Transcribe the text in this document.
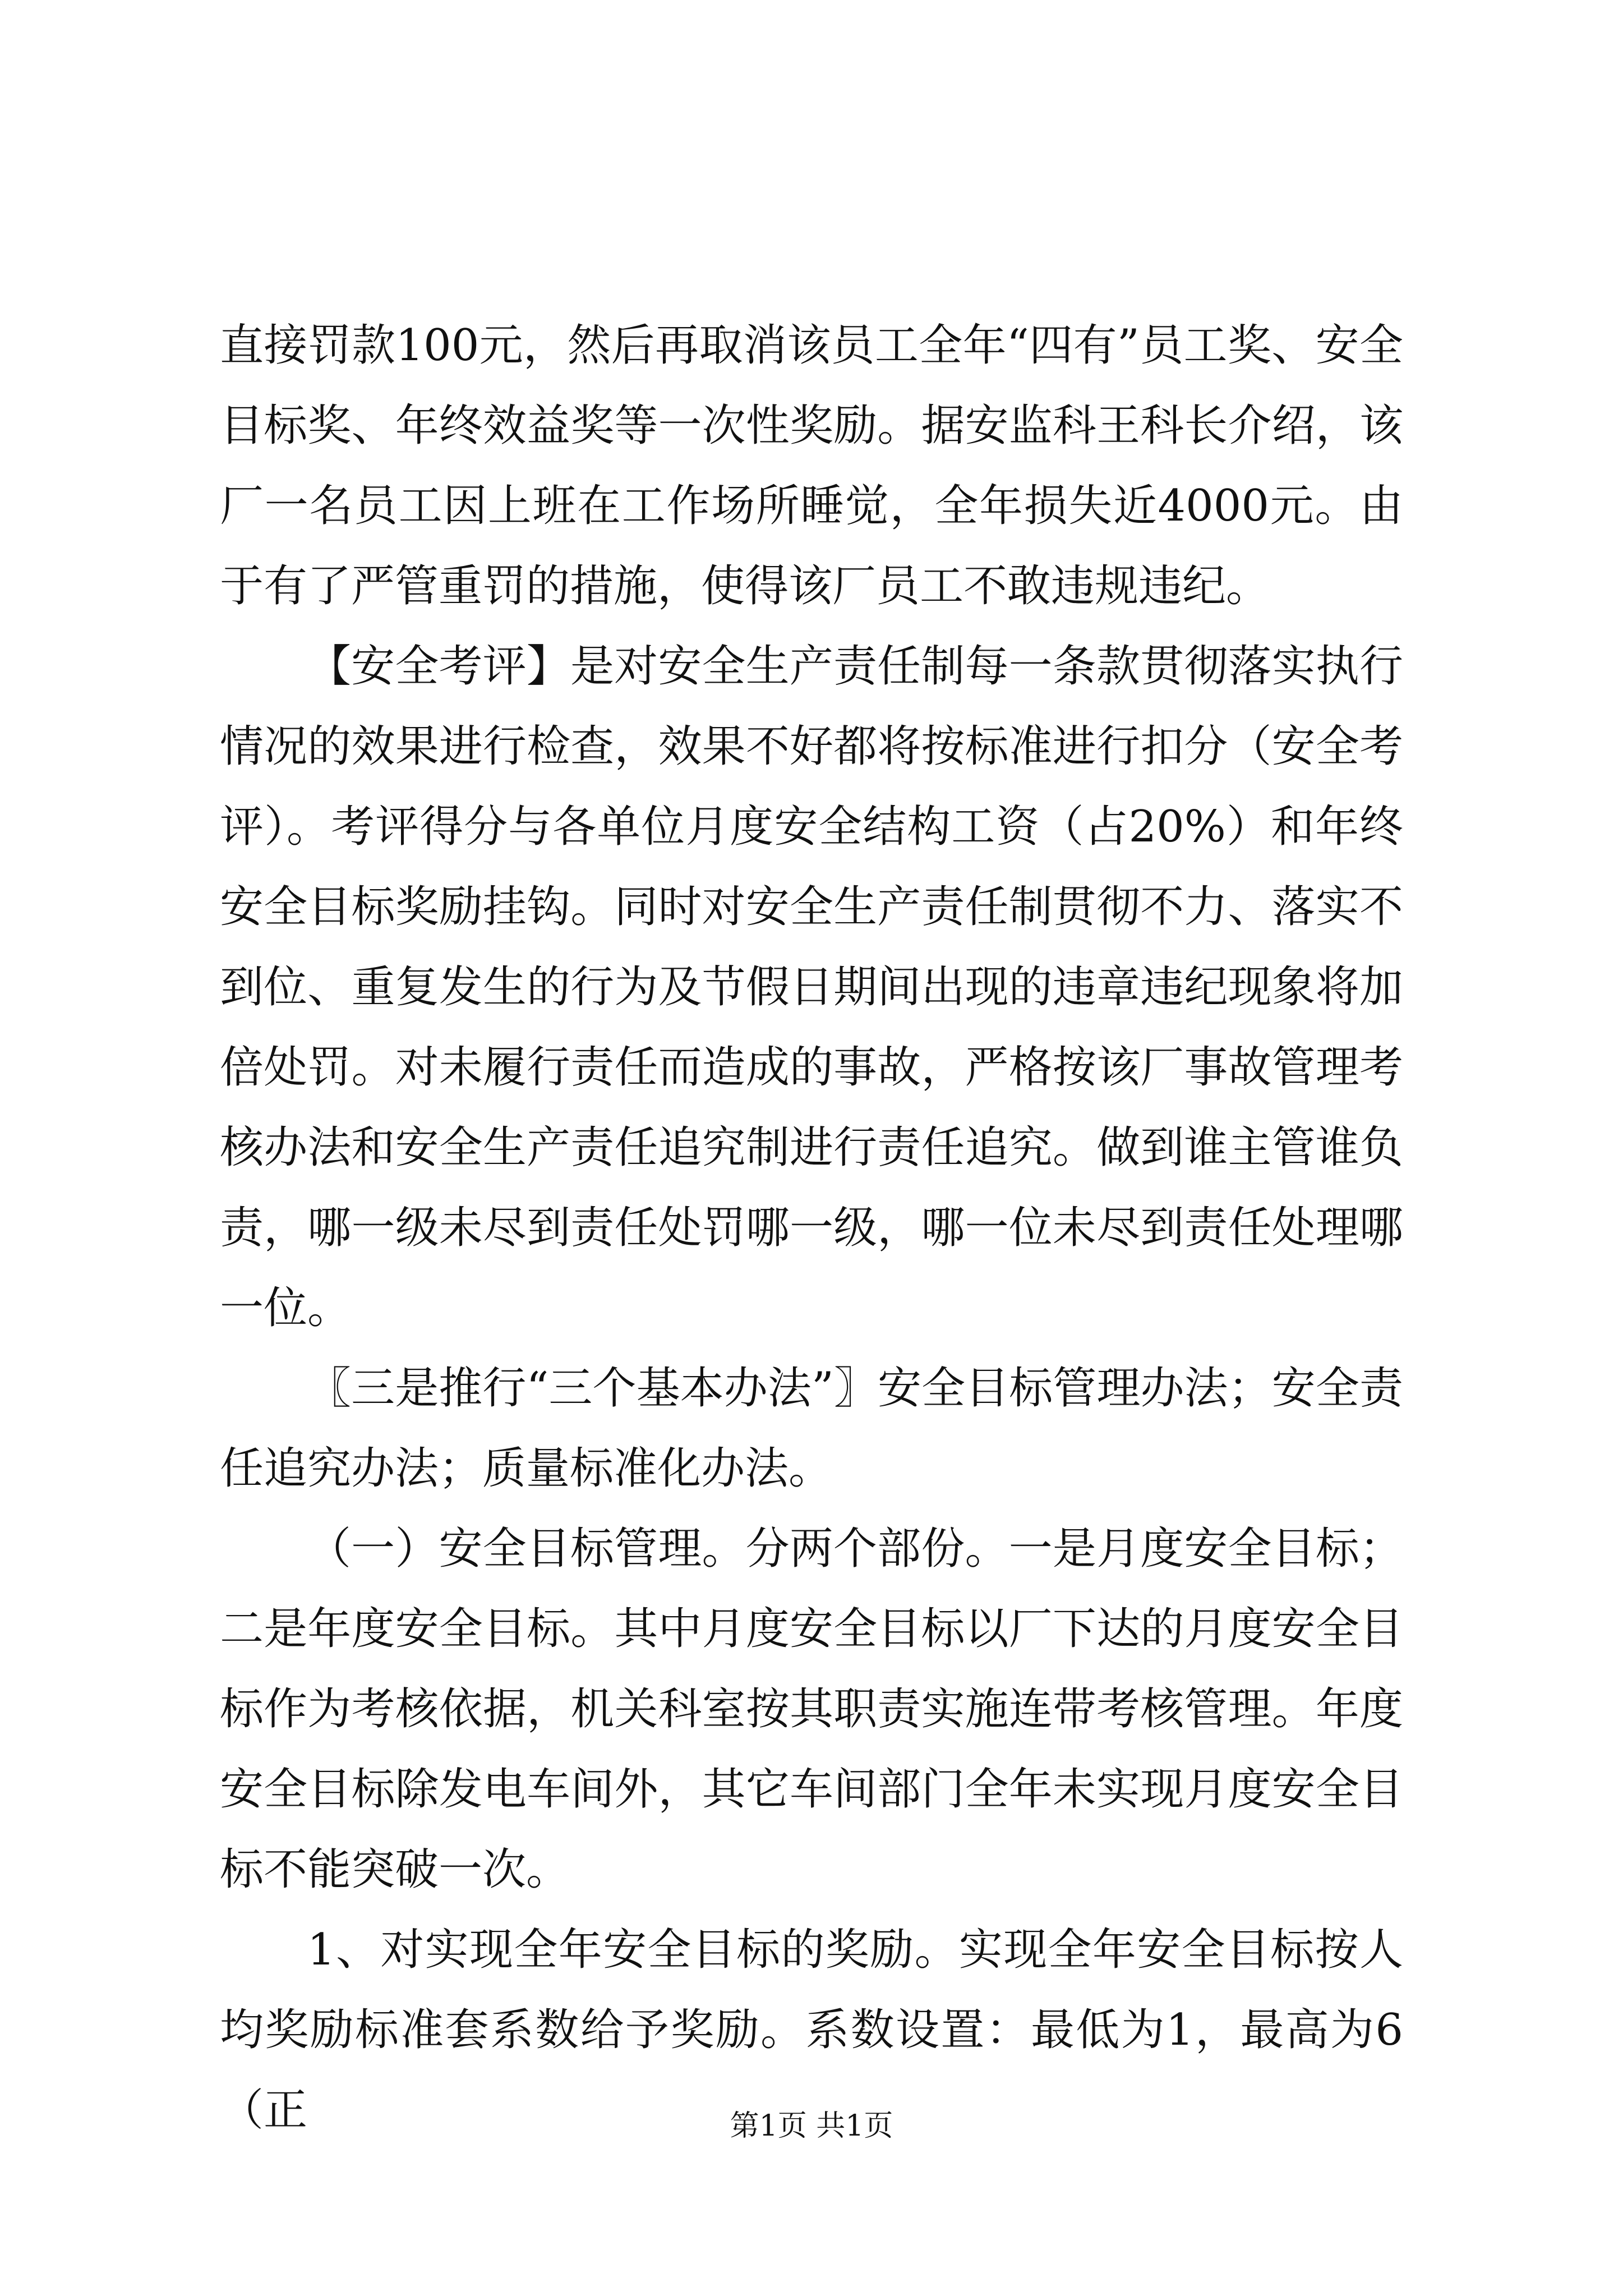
直接罚款100元，然后再取消该员工全年“四有”员工奖、安全目标奖、年终效益奖等一次性奖励。据安监科王科长介绍，该厂一名员工因上班在工作场所睡觉，全年损失近4000元。由于有了严管重罚的措施，使得该厂员工不敢违规违纪。

【安全考评】是对安全生产责任制每一条款贯彻落实执行情况的效果进行检查，效果不好都将按标准进行扣分（安全考评）。考评得分与各单位月度安全结构工资（占20%）和年终安全目标奖励挂钩。同时对安全生产责任制贯彻不力、落实不到位、重复发生的行为及节假日期间出现的违章违纪现象将加倍处罚。对未履行责任而造成的事故，严格按该厂事故管理考核办法和安全生产责任追究制进行责任追究。做到谁主管谁负责，哪一级未尽到责任处罚哪一级，哪一位未尽到责任处理哪一位。

〖三是推行“三个基本办法”〗安全目标管理办法；安全责任追究办法；质量标准化办法。

（一）安全目标管理。分两个部份。一是月度安全目标；二是年度安全目标。其中月度安全目标以厂下达的月度安全目标作为考核依据，机关科室按其职责实施连带考核管理。年度安全目标除发电车间外，其它车间部门全年未实现月度安全目标不能突破一次。

1、对实现全年安全目标的奖励。实现全年安全目标按人均奖励标准套系数给予奖励。系数设置：最低为1，最高为6（正	第1页 共1页
